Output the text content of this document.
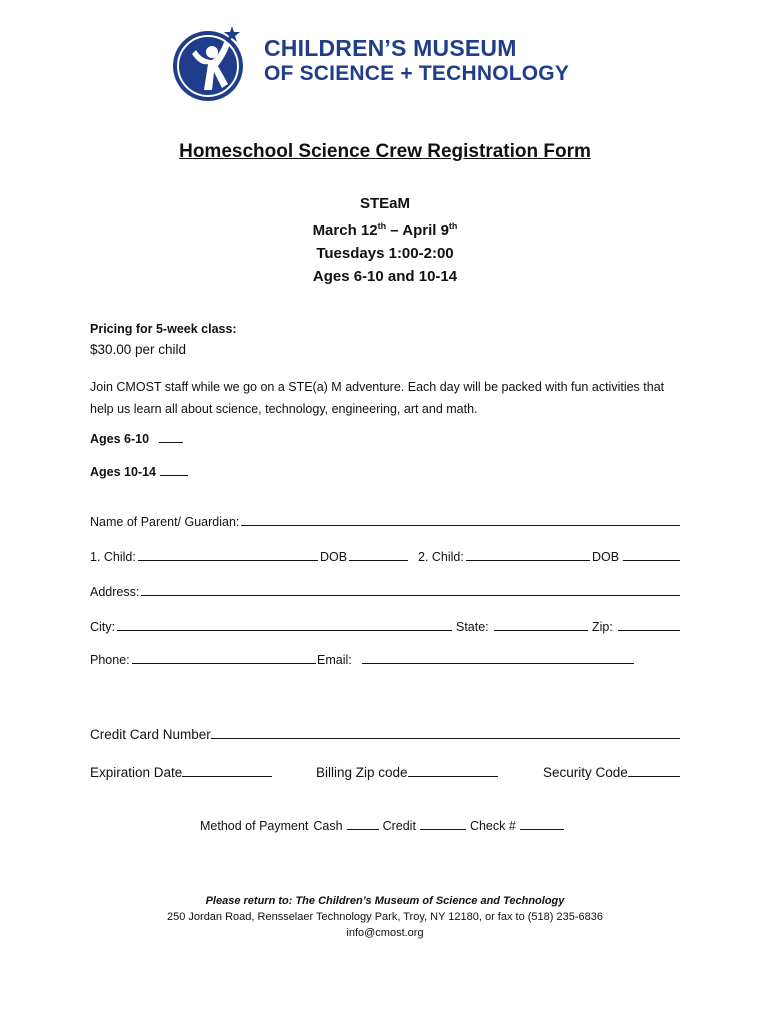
CHILDREN’S MUSEUM
OF SCIENCE + TECHNOLOGY
Homeschool Science Crew Registration Form
STEaM
March 12th – April 9th
Tuesdays 1:00-2:00
Ages 6-10 and 10-14
Pricing for 5-week class:
$30.00 per child
Join CMOST staff while we go on a STE(a) M adventure. Each day will be packed with fun activities that help us learn all about science, technology, engineering, art and math.
Ages 6-10
Ages 10-14
Name of Parent/ Guardian:
1. Child:	DOB	2. Child:	DOB
Address:
City:	State:	Zip:
Phone:	Email:
Credit Card Number
Expiration Date	Billing Zip code	Security Code
Method of Payment Cash	Credit	Check #
Please return to: The Children’s Museum of Science and Technology
250 Jordan Road, Rensselaer Technology Park, Troy, NY 12180, or fax to (518) 235-6836
info@cmost.org
